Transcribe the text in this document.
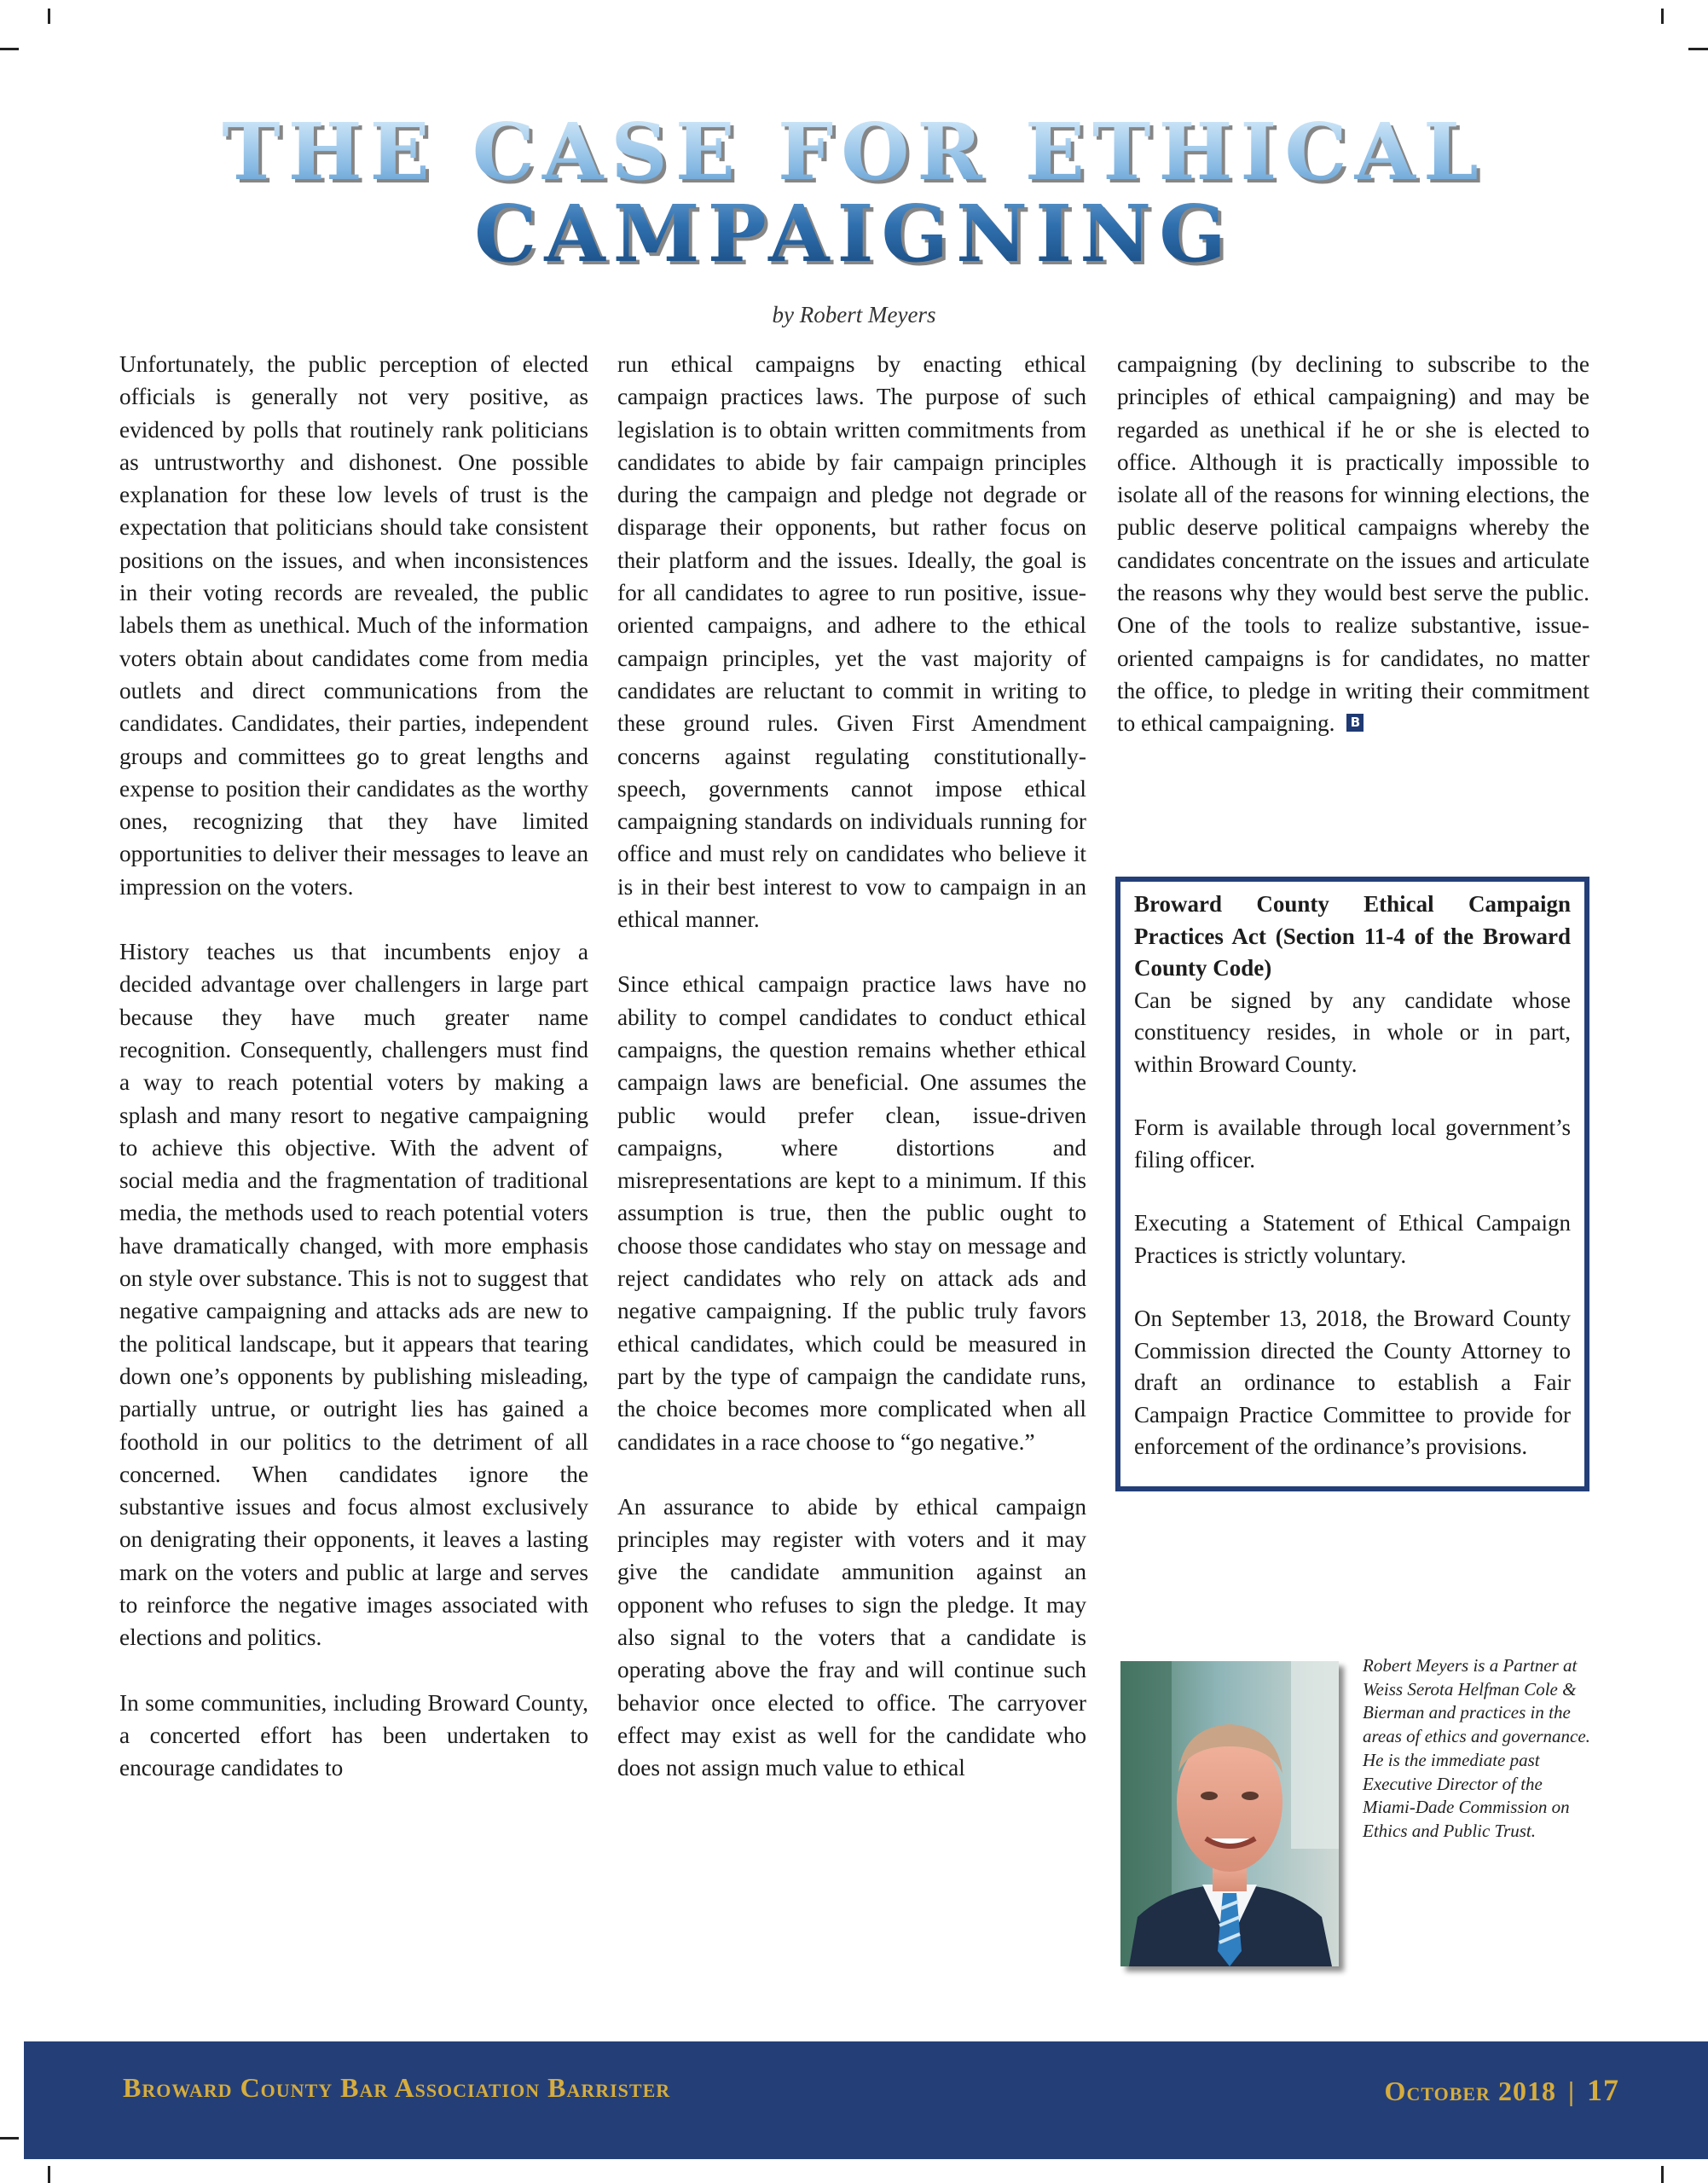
THE CASE FOR ETHICAL
CAMPAIGNING
by Robert Meyers

Unfortunately, the public perception of elected officials is generally not very positive, as evidenced by polls that routinely rank politicians as untrustworthy and dishonest. One possible explanation for these low levels of trust is the expectation that politicians should take consistent positions on the issues, and when inconsistences in their voting records are revealed, the public labels them as unethical. Much of the information voters obtain about candidates come from media outlets and direct communications from the candidates. Candidates, their parties, independent groups and committees go to great lengths and expense to position their candidates as the worthy ones, recognizing that they have limited opportunities to deliver their messages to leave an impression on the voters.

History teaches us that incumbents enjoy a decided advantage over challengers in large part because they have much greater name recognition. Consequently, challengers must find a way to reach potential voters by making a splash and many resort to negative campaigning to achieve this objective. With the advent of social media and the fragmentation of traditional media, the methods used to reach potential voters have dramatically changed, with more emphasis on style over substance. This is not to suggest that negative campaigning and attacks ads are new to the political landscape, but it appears that tearing down one’s opponents by publishing misleading, partially untrue, or outright lies has gained a foothold in our politics to the detriment of all concerned. When candidates ignore the substantive issues and focus almost exclusively on denigrating their opponents, it leaves a lasting mark on the voters and public at large and serves to reinforce the negative images associated with elections and politics.

In some communities, including Broward County, a concerted effort has been undertaken to encourage candidates to

run ethical campaigns by enacting ethical campaign practices laws. The purpose of such legislation is to obtain written commitments from candidates to abide by fair campaign principles during the campaign and pledge not degrade or disparage their opponents, but rather focus on their platform and the issues. Ideally, the goal is for all candidates to agree to run positive, issue-oriented campaigns, and adhere to the ethical campaign principles, yet the vast majority of candidates are reluctant to commit in writing to these ground rules. Given First Amendment concerns against regulating constitutionally-speech, governments cannot impose ethical campaigning standards on individuals running for office and must rely on candidates who believe it is in their best interest to vow to campaign in an ethical manner.

Since ethical campaign practice laws have no ability to compel candidates to conduct ethical campaigns, the question remains whether ethical campaign laws are beneficial. One assumes the public would prefer clean, issue-driven campaigns, where distortions and misrepresentations are kept to a minimum. If this assumption is true, then the public ought to choose those candidates who stay on message and reject candidates who rely on attack ads and negative campaigning. If the public truly favors ethical candidates, which could be measured in part by the type of campaign the candidate runs, the choice becomes more complicated when all candidates in a race choose to “go negative.”

An assurance to abide by ethical campaign principles may register with voters and it may give the candidate ammunition against an opponent who refuses to sign the pledge. It may also signal to the voters that a candidate is operating above the fray and will continue such behavior once elected to office. The carryover effect may exist as well for the candidate who does not assign much value to ethical

campaigning (by declining to subscribe to the principles of ethical campaigning) and may be regarded as unethical if he or she is elected to office. Although it is practically impossible to isolate all of the reasons for winning elections, the public deserve political campaigns whereby the candidates concentrate on the issues and articulate the reasons why they would best serve the public. One of the tools to realize substantive, issue-oriented campaigns is for candidates, no matter the office, to pledge in writing their commitment to ethical campaigning. B

Broward County Ethical Campaign Practices Act (Section 11-4 of the Broward County Code)

Can be signed by any candidate whose constituency resides, in whole or in part, within Broward County.

Form is available through local government’s filing officer.

Executing a Statement of Ethical Campaign Practices is strictly voluntary.

On September 13, 2018, the Broward County Commission directed the County Attorney to draft an ordinance to establish a Fair Campaign Practice Committee to provide for enforcement of the ordinance’s provisions.

Robert Meyers is a Partner at Weiss Serota Helfman Cole & Bierman and practices in the areas of ethics and governance. He is the immediate past Executive Director of the Miami-Dade Commission on Ethics and Public Trust.
Broward County Bar Association Barrister	October 2018 | 17
